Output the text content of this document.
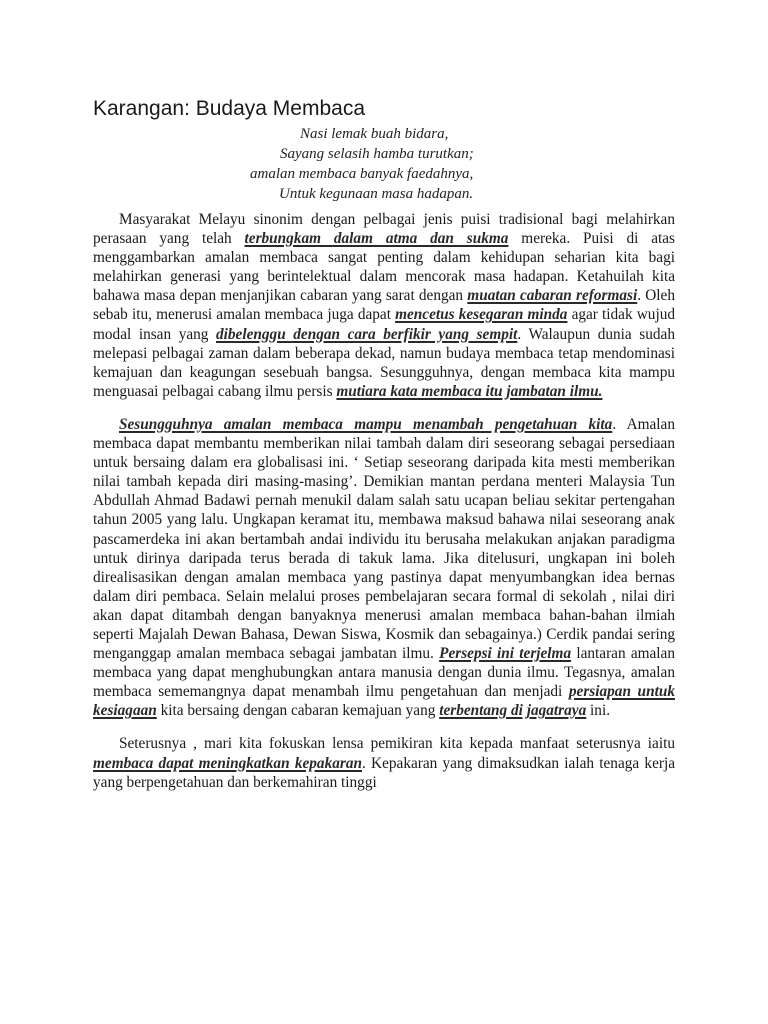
Karangan: Budaya Membaca
Nasi lemak buah bidara,
Sayang selasih hamba turutkan;
amalan membaca banyak faedahnya,
Untuk kegunaan masa hadapan.

Masyarakat Melayu sinonim dengan pelbagai jenis puisi tradisional bagi melahirkan perasaan yang telah terbungkam dalam atma dan sukma mereka. Puisi di atas menggambarkan amalan membaca sangat penting dalam kehidupan seharian kita bagi melahirkan generasi yang berintelektual dalam mencorak masa hadapan. Ketahuilah kita bahawa masa depan menjanjikan cabaran yang sarat dengan muatan cabaran reformasi. Oleh sebab itu, menerusi amalan membaca juga dapat mencetus kesegaran minda agar tidak wujud modal insan yang dibelenggu dengan cara berfikir yang sempit. Walaupun dunia sudah melepasi pelbagai zaman dalam beberapa dekad, namun budaya membaca tetap mendominasi kemajuan dan keagungan sesebuah bangsa. Sesungguhnya, dengan membaca kita mampu menguasai pelbagai cabang ilmu persis mutiara kata membaca itu jambatan ilmu.

Sesungguhnya amalan membaca mampu menambah pengetahuan kita. Amalan membaca dapat membantu memberikan nilai tambah dalam diri seseorang sebagai persediaan untuk bersaing dalam era globalisasi ini. ‘ Setiap seseorang daripada kita mesti memberikan nilai tambah kepada diri masing-masing’. Demikian mantan perdana menteri Malaysia Tun Abdullah Ahmad Badawi pernah menukil dalam salah satu ucapan beliau sekitar pertengahan tahun 2005 yang lalu. Ungkapan keramat itu, membawa maksud bahawa nilai seseorang anak pascamerdeka ini akan bertambah andai individu itu berusaha melakukan anjakan paradigma untuk dirinya daripada terus berada di takuk lama. Jika ditelusuri, ungkapan ini boleh direalisasikan dengan amalan membaca yang pastinya dapat menyumbangkan idea bernas dalam diri pembaca. Selain melalui proses pembelajaran secara formal di sekolah , nilai diri akan dapat ditambah dengan banyaknya menerusi amalan membaca bahan-bahan ilmiah seperti Majalah Dewan Bahasa, Dewan Siswa, Kosmik dan sebagainya.) Cerdik pandai sering menganggap amalan membaca sebagai jambatan ilmu. Persepsi ini terjelma lantaran amalan membaca yang dapat menghubungkan antara manusia dengan dunia ilmu. Tegasnya, amalan membaca sememangnya dapat menambah ilmu pengetahuan dan menjadi persiapan untuk kesiagaan kita bersaing dengan cabaran kemajuan yang terbentang di jagatraya ini.

Seterusnya , mari kita fokuskan lensa pemikiran kita kepada manfaat seterusnya iaitu membaca dapat meningkatkan kepakaran. Kepakaran yang dimaksudkan ialah tenaga kerja yang berpengetahuan dan berkemahiran tinggi
